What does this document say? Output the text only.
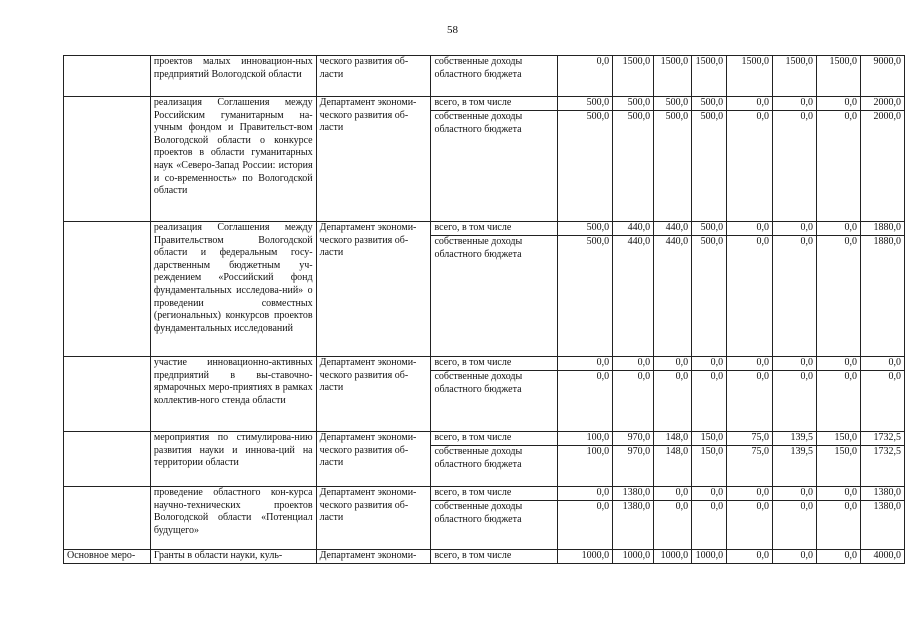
58
	проектов малых инновацион-ных предприятий Вологодской области	ческого развития об-ласти	собственные доходы областного бюджета	0,0	1500,0	1500,0	1500,0	1500,0	1500,0	1500,0	9000,0
	реализация Соглашения между Российским гуманитарным на-учным фондом и Правительст-вом Вологодской области о конкурсе проектов в области гуманитарных наук «Северо-Запад России: история и со-временность» по Вологодской области	Департамент экономи-ческого развития об-ласти	всего, в том числе	500,0	500,0	500,0	500,0	0,0	0,0	0,0	2000,0
			собственные доходы областного бюджета	500,0	500,0	500,0	500,0	0,0	0,0	0,0	2000,0
	реализация Соглашения между Правительством Вологодской области и федеральным госу-дарственным бюджетным уч-реждением «Российский фонд фундаментальных исследова-ний» о проведении совместных (региональных) конкурсов проектов фундаментальных исследований	Департамент экономи-ческого развития об-ласти	всего, в том числе	500,0	440,0	440,0	500,0	0,0	0,0	0,0	1880,0
			собственные доходы областного бюджета	500,0	440,0	440,0	500,0	0,0	0,0	0,0	1880,0
	участие инновационно-активных предприятий в вы-ставочно-ярмарочных меро-приятиях в рамках коллектив-ного стенда области	Департамент экономи-ческого развития об-ласти	всего, в том числе	0,0	0,0	0,0	0,0	0,0	0,0	0,0	0,0
			собственные доходы областного бюджета	0,0	0,0	0,0	0,0	0,0	0,0	0,0	0,0
	мероприятия по стимулирова-нию развития науки и иннова-ций на территории области	Департамент экономи-ческого развития об-ласти	всего, в том числе	100,0	970,0	148,0	150,0	75,0	139,5	150,0	1732,5
			собственные доходы областного бюджета	100,0	970,0	148,0	150,0	75,0	139,5	150,0	1732,5
	проведение областного кон-курса научно-технических проектов Вологодской области «Потенциал будущего»	Департамент экономи-ческого развития об-ласти	всего, в том числе	0,0	1380,0	0,0	0,0	0,0	0,0	0,0	1380,0
			собственные доходы областного бюджета	0,0	1380,0	0,0	0,0	0,0	0,0	0,0	1380,0
Основное меро-	Гранты в области науки, куль-	Департамент экономи-	всего, в том числе	1000,0	1000,0	1000,0	1000,0	0,0	0,0	0,0	4000,0
